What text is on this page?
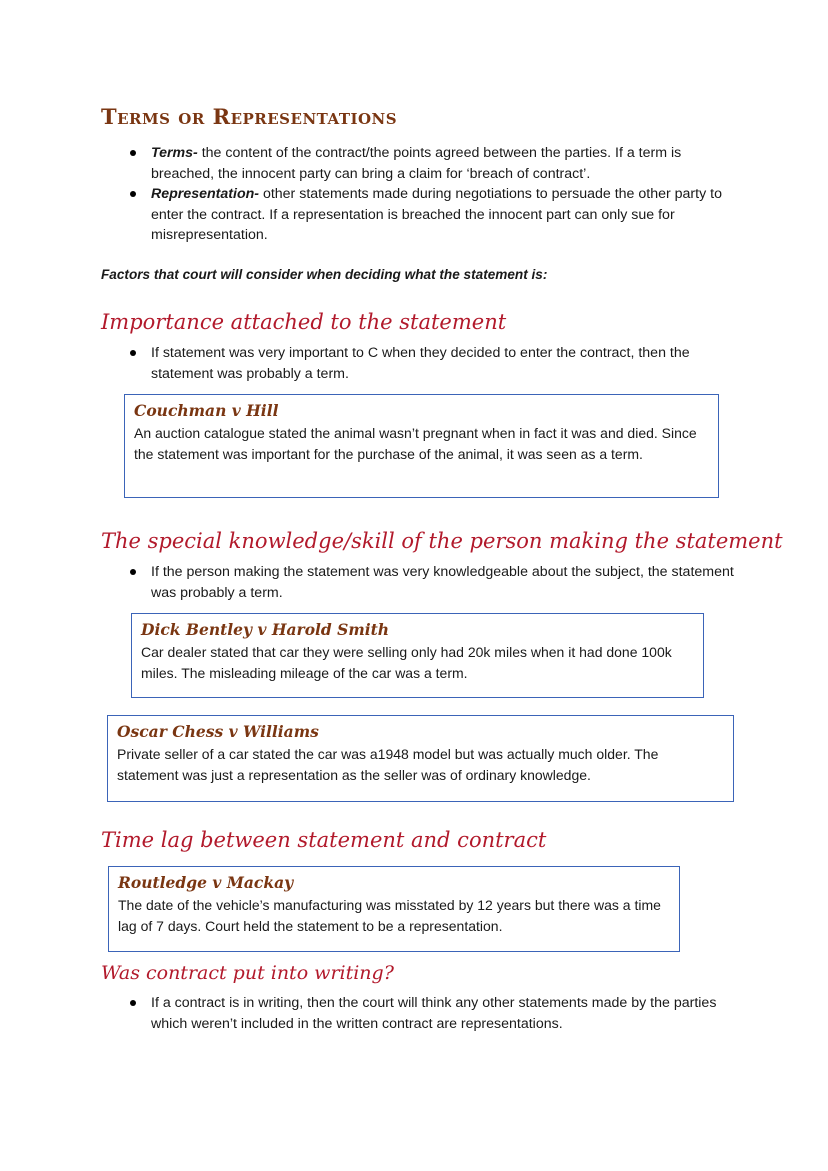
Terms or Representations
Terms- the content of the contract/the points agreed between the parties. If a term is breached, the innocent party can bring a claim for ‘breach of contract’.
Representation- other statements made during negotiations to persuade the other party to enter the contract. If a representation is breached the innocent part can only sue for misrepresentation.

Factors that court will consider when deciding what the statement is:

Importance attached to the statement
If statement was very important to C when they decided to enter the contract, then the statement was probably a term.

Couchman v Hill

An auction catalogue stated the animal wasn’t pregnant when in fact it was and died. Since the statement was important for the purchase of the animal, it was seen as a term.

The special knowledge/skill of the person making the statement
If the person making the statement was very knowledgeable about the subject, the statement was probably a term.

Dick Bentley v Harold Smith

Car dealer stated that car they were selling only had 20k miles when it had done 100k miles. The misleading mileage of the car was a term.

Oscar Chess v Williams

Private seller of a car stated the car was a1948 model but was actually much older. The statement was just a representation as the seller was of ordinary knowledge.

Time lag between statement and contract

Routledge v Mackay

The date of the vehicle’s manufacturing was misstated by 12 years but there was a time lag of 7 days. Court held the statement to be a representation.

Was contract put into writing?
If a contract is in writing, then the court will think any other statements made by the parties which weren’t included in the written contract are representations.
